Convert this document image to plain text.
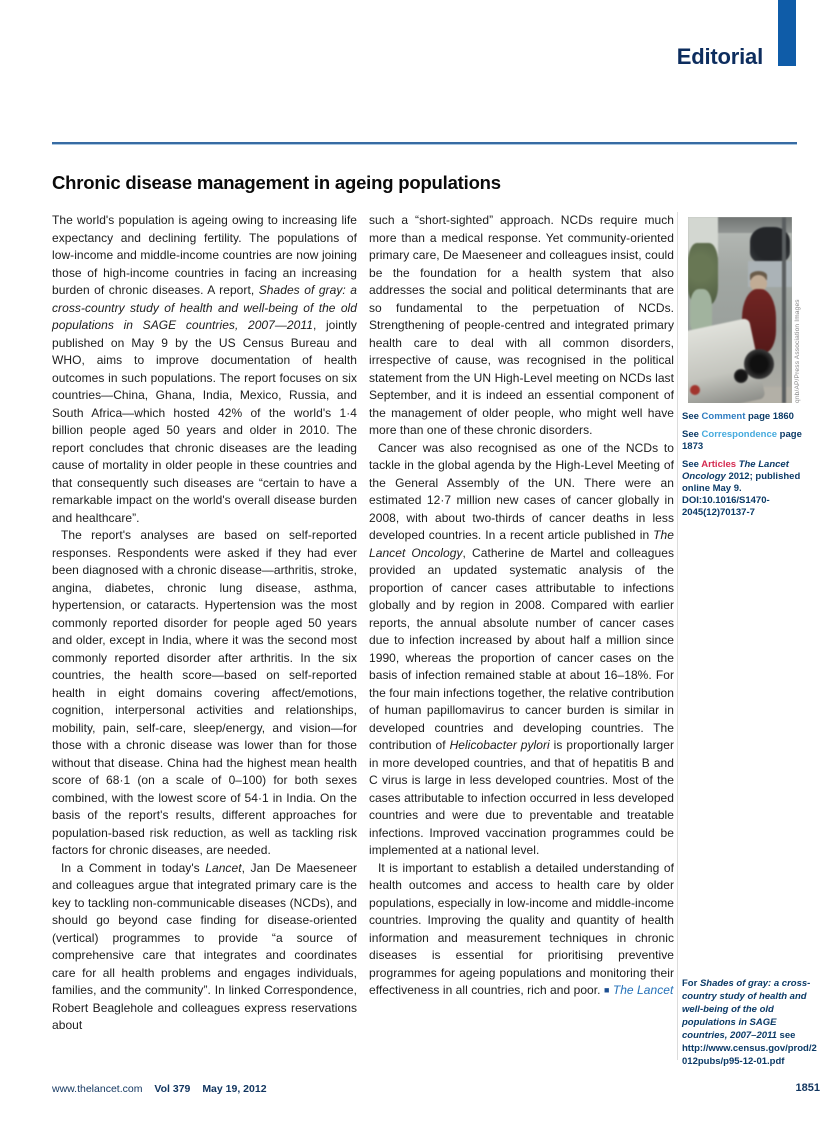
Editorial
Chronic disease management in ageing populations

The world's population is ageing owing to increasing life expectancy and declining fertility. The populations of low-income and middle-income countries are now joining those of high-income countries in facing an increasing burden of chronic diseases. A report, Shades of gray: a cross-country study of health and well-being of the old populations in SAGE countries, 2007—2011, jointly published on May 9 by the US Census Bureau and WHO, aims to improve documentation of health outcomes in such populations. The report focuses on six countries—China, Ghana, India, Mexico, Russia, and South Africa—which hosted 42% of the world's 1·4 billion people aged 50 years and older in 2010. The report concludes that chronic diseases are the leading cause of mortality in older people in these countries and that consequently such diseases are “certain to have a remarkable impact on the world's overall disease burden and healthcare”.

The report's analyses are based on self-reported responses. Respondents were asked if they had ever been diagnosed with a chronic disease—arthritis, stroke, angina, diabetes, chronic lung disease, asthma, hypertension, or cataracts. Hypertension was the most commonly reported disorder for people aged 50 years and older, except in India, where it was the second most commonly reported disorder after arthritis. In the six countries, the health score—based on self-reported health in eight domains covering affect/emotions, cognition, interpersonal activities and relationships, mobility, pain, self-care, sleep/energy, and vision—for those with a chronic disease was lower than for those without that disease. China had the highest mean health score of 68·1 (on a scale of 0–100) for both sexes combined, with the lowest score of 54·1 in India. On the basis of the report's results, different approaches for population-based risk reduction, as well as tackling risk factors for chronic diseases, are needed.

In a Comment in today's Lancet, Jan De Maeseneer and colleagues argue that integrated primary care is the key to tackling non-communicable diseases (NCDs), and should go beyond case finding for disease-oriented (vertical) programmes to provide “a source of comprehensive care that integrates and coordinates care for all health problems and engages individuals, families, and the community”. In linked Correspondence, Robert Beaglehole and colleagues express reservations about

such a “short-sighted” approach. NCDs require much more than a medical response. Yet community-oriented primary care, De Maeseneer and colleagues insist, could be the foundation for a health system that also addresses the social and political determinants that are so fundamental to the perpetuation of NCDs. Strengthening of people-centred and integrated primary health care to deal with all common disorders, irrespective of cause, was recognised in the political statement from the UN High-Level meeting on NCDs last September, and it is indeed an essential component of the management of older people, who might well have more than one of these chronic disorders.

Cancer was also recognised as one of the NCDs to tackle in the global agenda by the High-Level Meeting of the General Assembly of the UN. There were an estimated 12·7 million new cases of cancer globally in 2008, with about two-thirds of cancer deaths in less developed countries. In a recent article published in The Lancet Oncology, Catherine de Martel and colleagues provided an updated systematic analysis of the proportion of cancer cases attributable to infections globally and by region in 2008. Compared with earlier reports, the annual absolute number of cancer cases due to infection increased by about half a million since 1990, whereas the proportion of cancer cases on the basis of infection remained stable at about 16–18%. For the four main infections together, the relative contribution of human papillomavirus to cancer burden is similar in developed countries and developing countries. The contribution of Helicobacter pylori is proportionally larger in more developed countries, and that of hepatitis B and C virus is large in less developed countries. Most of the cases attributable to infection occurred in less developed countries and were due to preventable and treatable infections. Improved vaccination programmes could be implemented at a national level.

It is important to establish a detailed understanding of health outcomes and access to health care by older populations, especially in low-income and middle-income countries. Improving the quality and quantity of health information and measurement techniques in chronic diseases is essential for prioritising preventive programmes for ageing populations and monitoring their effectiveness in all countries, rich and poor. ■ The Lancet

qnb/AP/Press Association Images
See Comment page 1860
See Correspondence page 1873
See Articles The Lancet Oncology 2012; published online May 9. DOI:10.1016/S1470-2045(12)70137-7
For Shades of gray: a cross-country study of health and well-being of the old populations in SAGE countries, 2007–2011 see http://www.census.gov/prod/2012pubs/p95-12-01.pdf
www.thelancet.com Vol 379 May 19, 2012	1851
